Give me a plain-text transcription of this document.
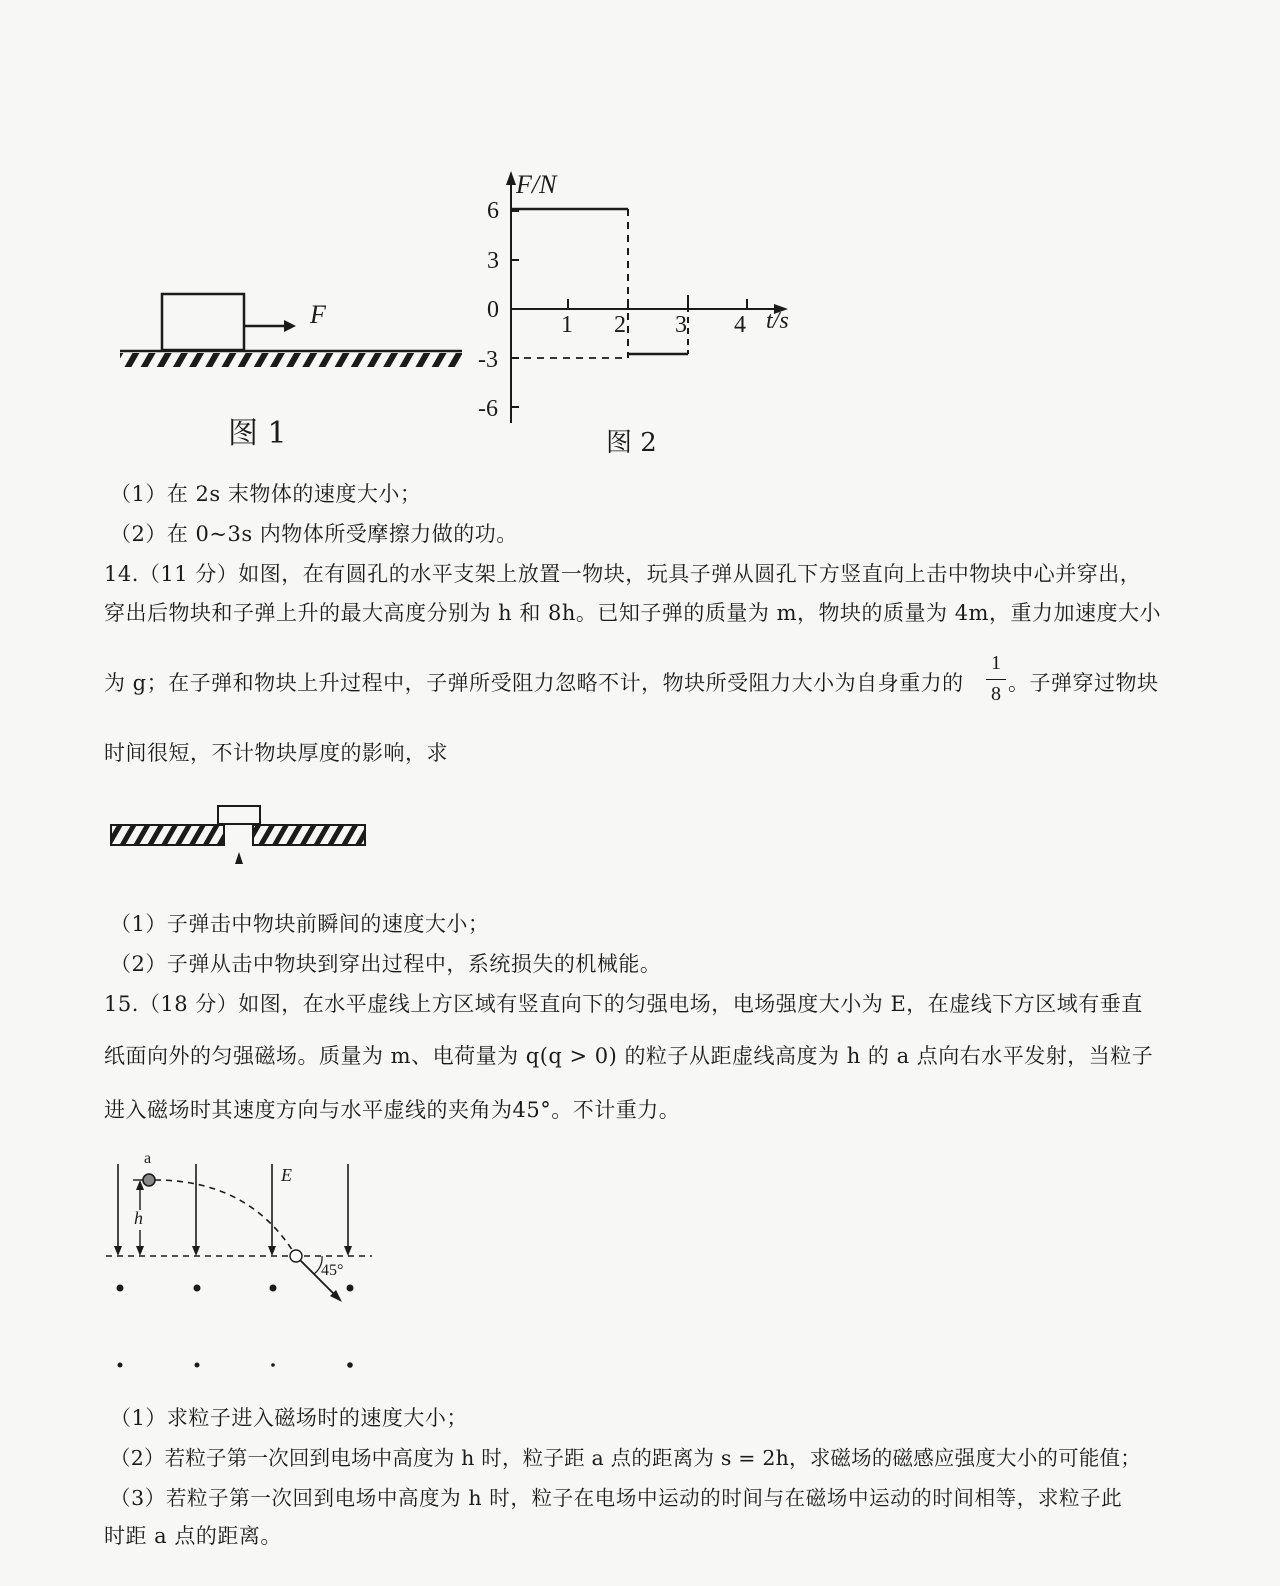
F
图 1
F/N
t/s
6
3
0
-3
-6
1 2 3 4
图 2
（1）在 2s 末物体的速度大小；
（2）在 0~3s 内物体所受摩擦力做的功。
14.（11 分）如图，在有圆孔的水平支架上放置一物块，玩具子弹从圆孔下方竖直向上击中物块中心并穿出，
穿出后物块和子弹上升的最大高度分别为 h 和 8h。已知子弹的质量为 m，物块的质量为 4m，重力加速度大小
为 g；在子弹和物块上升过程中，子弹所受阻力忽略不计，物块所受阻力大小为自身重力的
1
8 。子弹穿过物块
时间很短，不计物块厚度的影响，求
（1）子弹击中物块前瞬间的速度大小；
（2）子弹从击中物块到穿出过程中，系统损失的机械能。
15.（18 分）如图，在水平虚线上方区域有竖直向下的匀强电场，电场强度大小为 E，在虚线下方区域有垂直
纸面向外的匀强磁场。质量为 m、电荷量为 q(q > 0) 的粒子从距虚线高度为 h 的 a 点向右水平发射，当粒子
进入磁场时其速度方向与水平虚线的夹角为45°。不计重力。
a
h
E
45°
（1）求粒子进入磁场时的速度大小；
（2）若粒子第一次回到电场中高度为 h 时，粒子距 a 点的距离为 s = 2h，求磁场的磁感应强度大小的可能值；
（3）若粒子第一次回到电场中高度为 h 时，粒子在电场中运动的时间与在磁场中运动的时间相等，求粒子此
时距 a 点的距离。
